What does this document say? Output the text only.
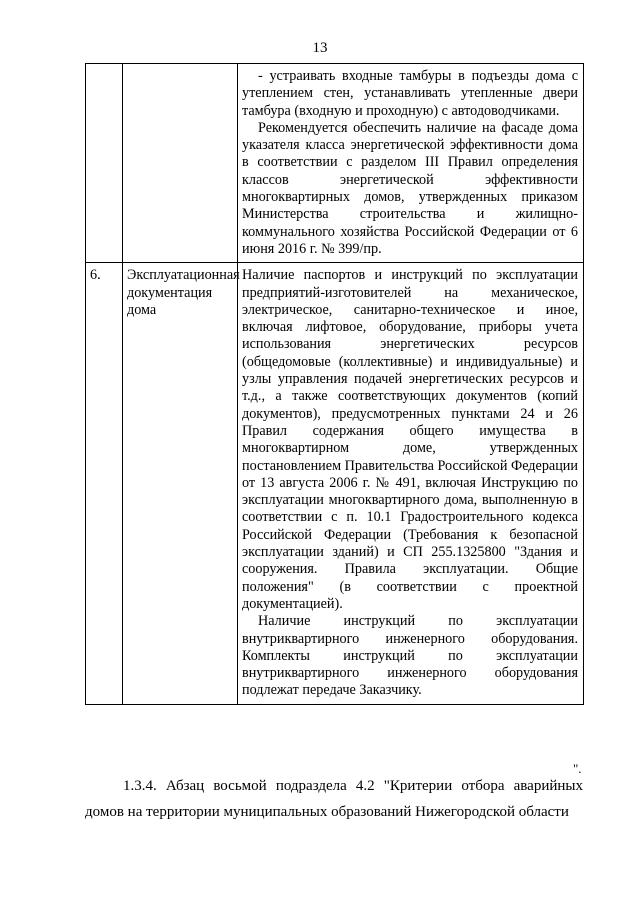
13

		- устраивать входные тамбуры в подъезды дома с утеплением стен, устанавливать утепленные двери тамбура (входную и проходную) с автодоводчиками.

Рекомендуется обеспечить наличие на фасаде дома указателя класса энергетической эффективности дома в соответствии с разделом III Правил определения классов энергетической эффективности многоквартирных домов, утвержденных приказом Министерства строительства и жилищно-коммунального хозяйства Российской Федерации от 6 июня 2016 г. № 399/пр.

6.	Эксплуатационная документация дома	Наличие паспортов и инструкций по эксплуатации предприятий-изготовителей на механическое, электрическое, санитарно-техническое и иное, включая лифтовое, оборудование, приборы учета использования энергетических ресурсов (общедомовые (коллективные) и индивидуальные) и узлы управления подачей энергетических ресурсов и т.д., а также соответствующих документов (копий документов), предусмотренных пунктами 24 и 26 Правил содержания общего имущества в многоквартирном доме, утвержденных постановлением Правительства Российской Федерации от 13 августа 2006 г. № 491, включая Инструкцию по эксплуатации многоквартирного дома, выполненную в соответствии с п. 10.1 Градостроительного кодекса Российской Федерации (Требования к безопасной эксплуатации зданий) и СП 255.1325800 "Здания и сооружения. Правила эксплуатации. Общие положения" (в соответствии с проектной документацией).

Наличие инструкций по эксплуатации внутриквартирного инженерного оборудования. Комплекты инструкций по эксплуатации внутриквартирного инженерного оборудования подлежат передаче Заказчику.

".

1.3.4. Абзац восьмой подраздела 4.2 "Критерии отбора аварийных домов на территории муниципальных образований Нижегородской области
